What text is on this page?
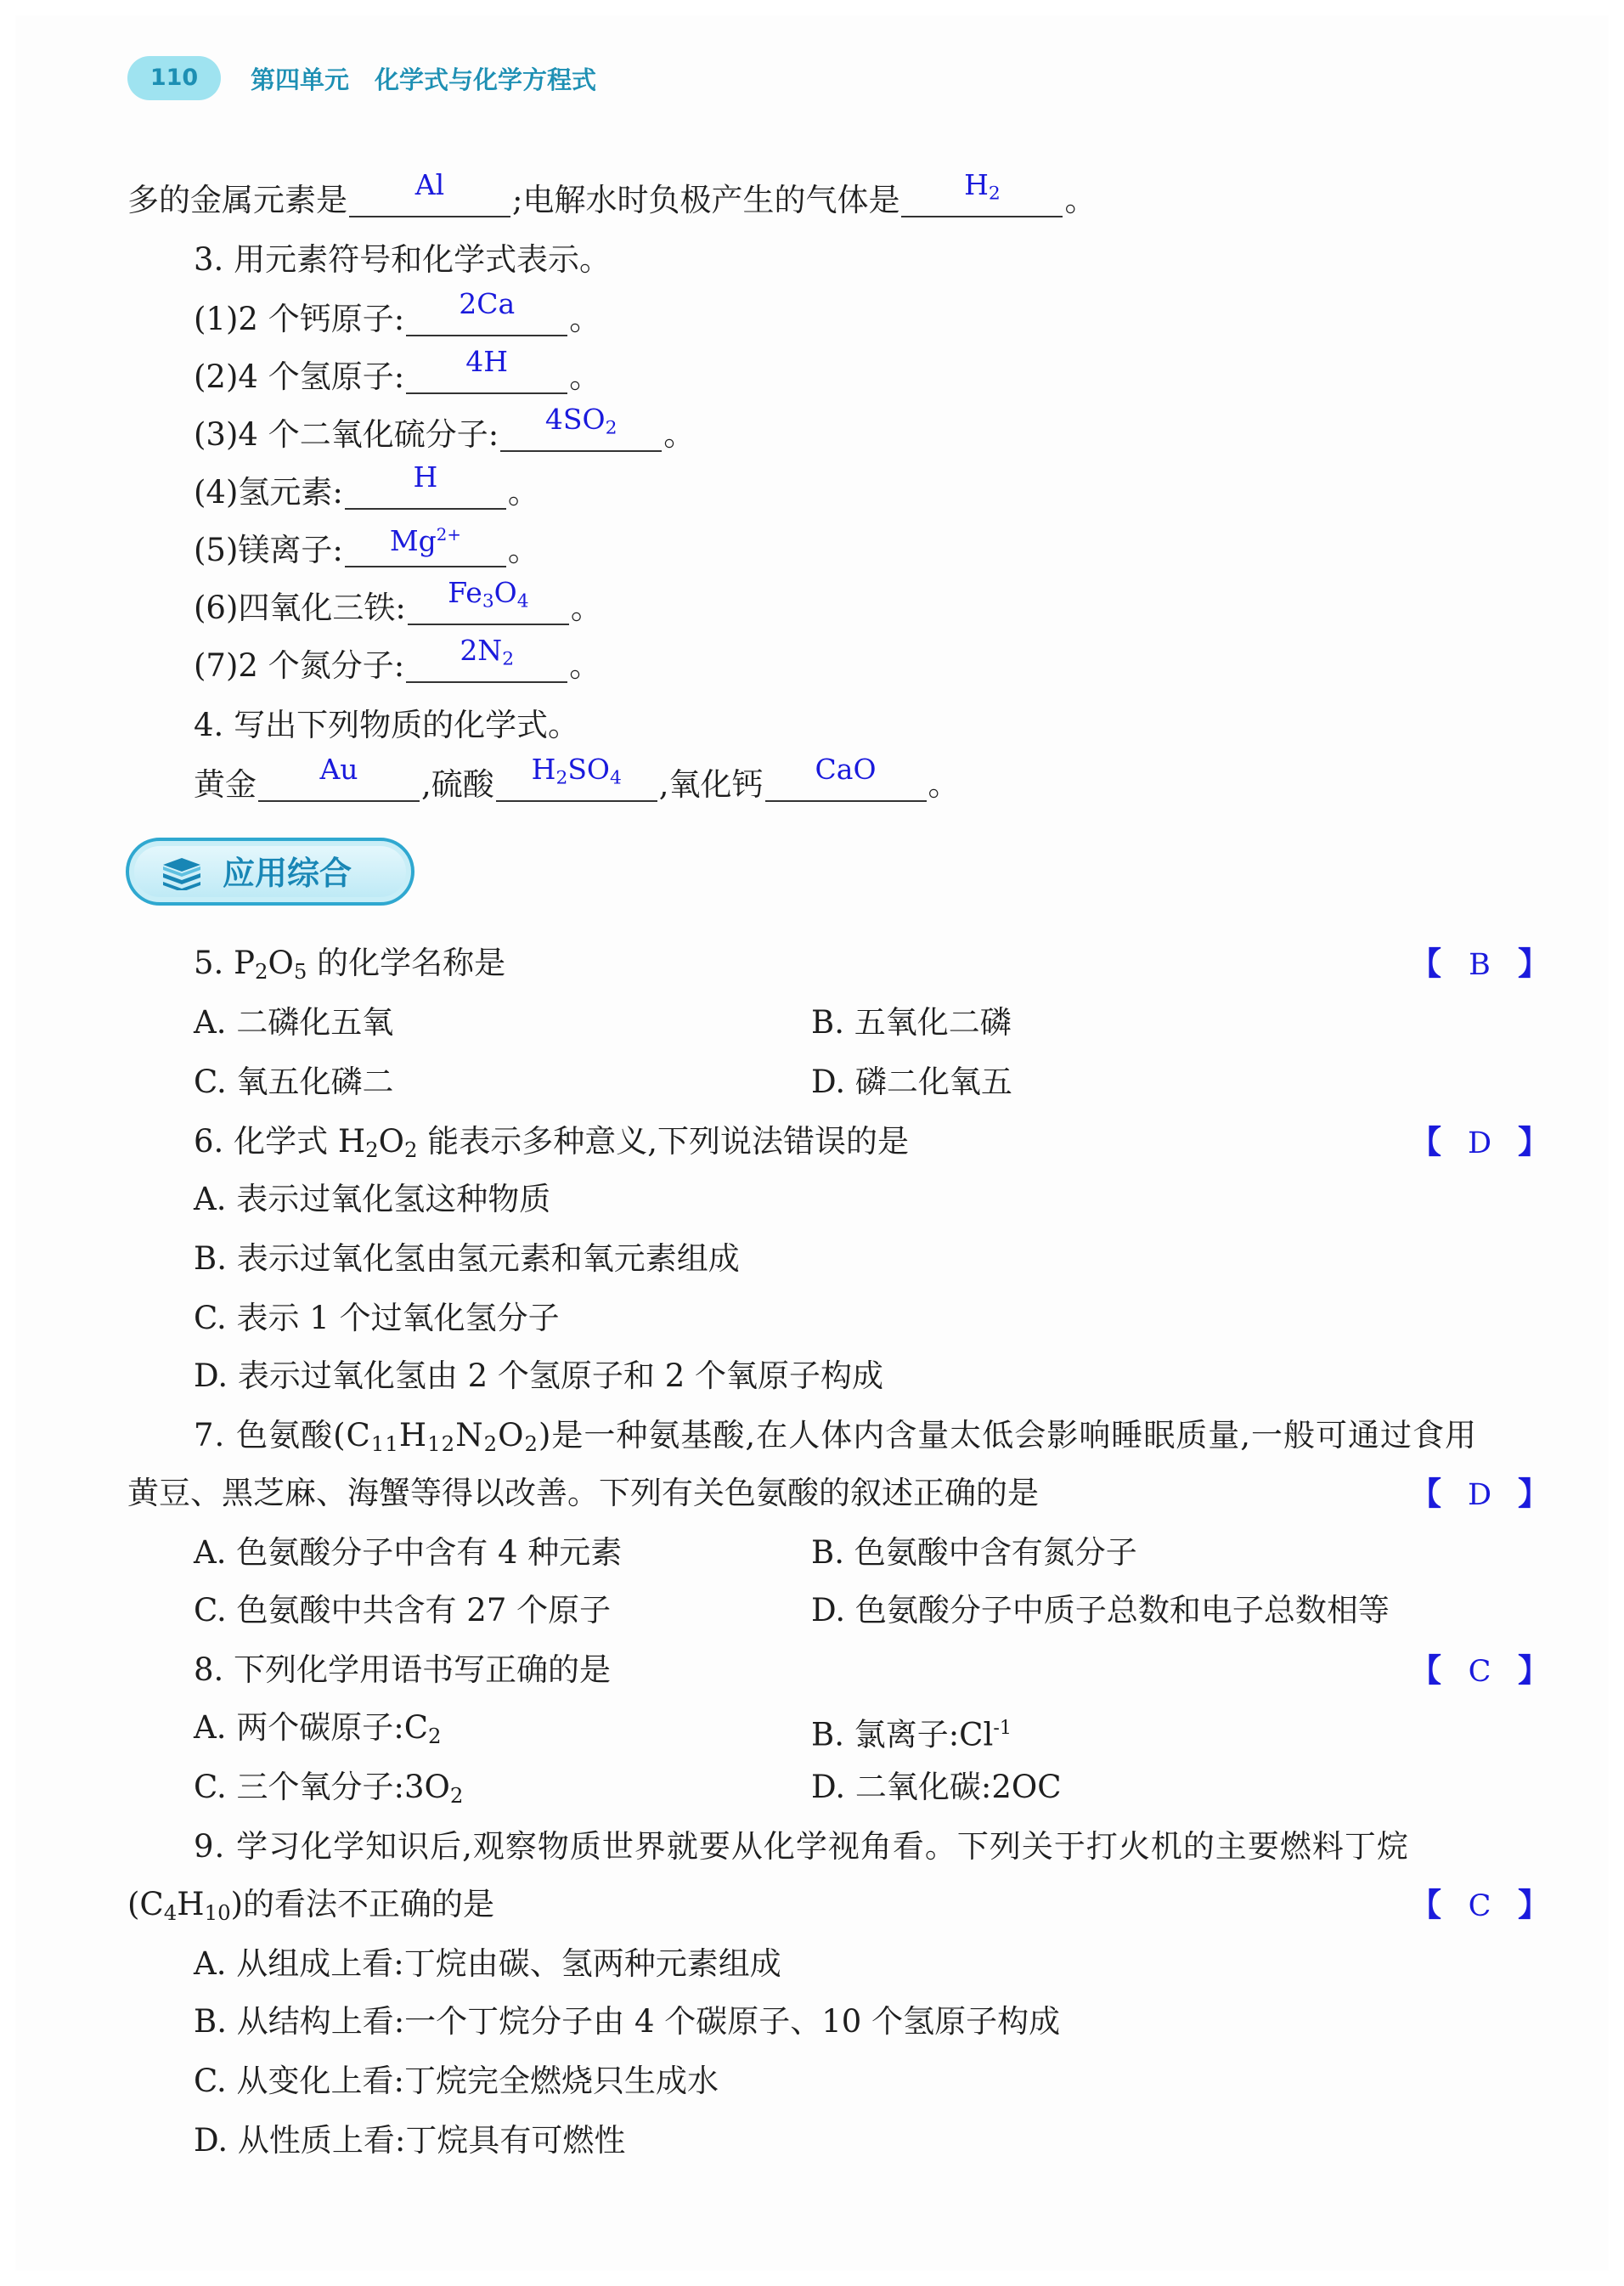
110	第四单元 化学式与化学方程式
多的金属元素是	Al	;电解水时负极产生的气体是	$H_2$	。
3. 用元素符号和化学式表示。
(1)2 个钙原子:	2Ca	。
(2)4 个氢原子:	4H	。
(3)4 个二氧化硫分子:	$4SO_2$	。
(4)氢元素:	H	。
(5)镁离子:	$Mg^{2+}$	。
(6)四氧化三铁:	$Fe_3O_4$	。
(7)2 个氮分子:	$2N_2$	。
4. 写出下列物质的化学式。
黄金	Au	,硫酸	$H_2SO_4$	,氧化钙	CaO	。
应用综合
5. $P_2O_5$ 的化学名称是	【 B 】
A. 二磷化五氧	B. 五氧化二磷
C. 氧五化磷二	D. 磷二化氧五
6. 化学式 $H_2O_2$ 能表示多种意义,下列说法错误的是	【 D 】
A. 表示过氧化氢这种物质
B. 表示过氧化氢由氢元素和氧元素组成
C. 表示 1 个过氧化氢分子
D. 表示过氧化氢由 2 个氢原子和 2 个氧原子构成
7. 色氨酸$(C_{11}H_{12}N_2O_2)$是一种氨基酸,在人体内含量太低会影响睡眠质量,一般可通过食用
黄豆、黑芝麻、海蟹等得以改善。下列有关色氨酸的叙述正确的是	【 D 】
A. 色氨酸分子中含有 4 种元素	B. 色氨酸中含有氮分子
C. 色氨酸中共含有 27 个原子	D. 色氨酸分子中质子总数和电子总数相等
8. 下列化学用语书写正确的是	【 C 】
A. 两个碳原子$:C_2$	B. 氯离子$:Cl^{-1}$
C. 三个氧分子$:3O_2$	D. 二氧化碳:2OC
9. 学习化学知识后,观察物质世界就要从化学视角看。下列关于打火机的主要燃料丁烷
$(C_4H_{10})$的看法不正确的是	【 C 】
A. 从组成上看:丁烷由碳、氢两种元素组成
B. 从结构上看:一个丁烷分子由 4 个碳原子、10 个氢原子构成
C. 从变化上看:丁烷完全燃烧只生成水
D. 从性质上看:丁烷具有可燃性
